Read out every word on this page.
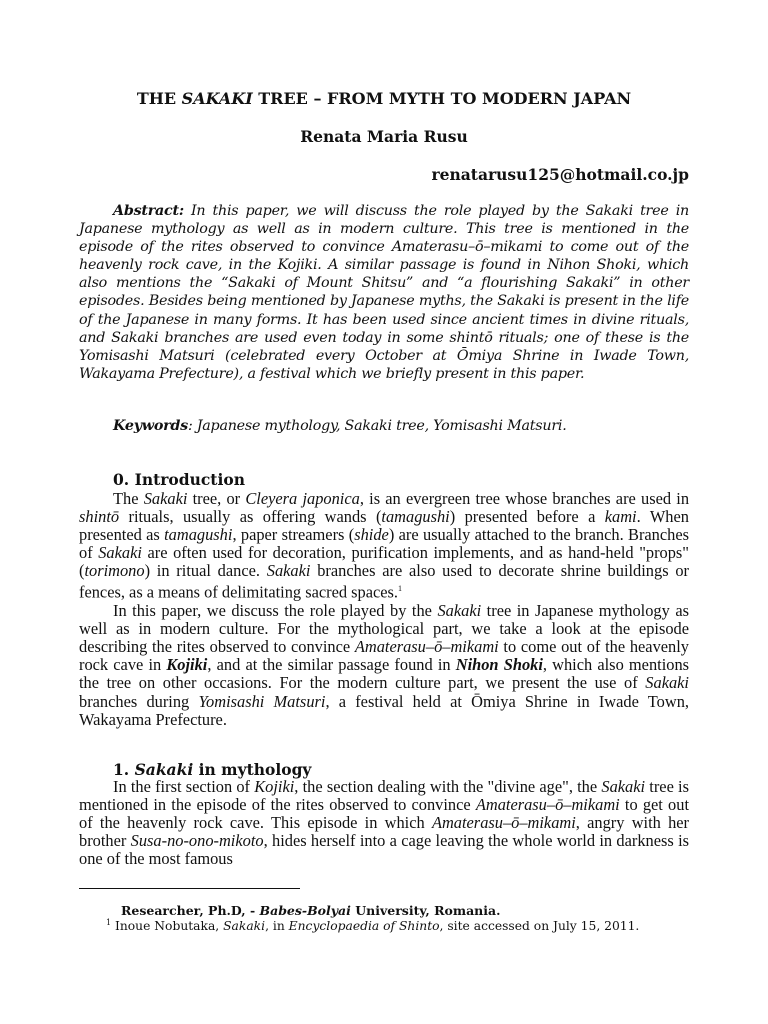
THE SAKAKI TREE – FROM MYTH TO MODERN JAPAN
Renata Maria Rusu
renatarusu125@hotmail.co.jp

Abstract: In this paper, we will discuss the role played by the Sakaki tree in Japanese mythology as well as in modern culture. This tree is mentioned in the episode of the rites observed to convince Amaterasu–ō–mikami to come out of the heavenly rock cave, in the Kojiki. A similar passage is found in Nihon Shoki, which also mentions the “Sakaki of Mount Shitsu” and “a flourishing Sakaki” in other episodes. Besides being mentioned by Japanese myths, the Sakaki is present in the life of the Japanese in many forms. It has been used since ancient times in divine rituals, and Sakaki branches are used even today in some shintō rituals; one of these is the Yomisashi Matsuri (celebrated every October at Ōmiya Shrine in Iwade Town, Wakayama Prefecture), a festival which we briefly present in this paper.

Keywords: Japanese mythology, Sakaki tree, Yomisashi Matsuri.

0. Introduction

The Sakaki tree, or Cleyera japonica, is an evergreen tree whose branches are used in shintō rituals, usually as offering wands (tamagushi) presented before a kami. When presented as tamagushi, paper streamers (shide) are usually attached to the branch. Branches of Sakaki are often used for decoration, purification implements, and as hand-held "props" (torimono) in ritual dance. Sakaki branches are also used to decorate shrine buildings or fences, as a means of delimitating sacred spaces.$^1$

In this paper, we discuss the role played by the Sakaki tree in Japanese mythology as well as in modern culture. For the mythological part, we take a look at the episode describing the rites observed to convince Amaterasu–ō–mikami to come out of the heavenly rock cave in Kojiki, and at the similar passage found in Nihon Shoki, which also mentions the tree on other occasions. For the modern culture part, we present the use of Sakaki branches during Yomisashi Matsuri, a festival held at Ōmiya Shrine in Iwade Town, Wakayama Prefecture.

1. Sakaki in mythology

In the first section of Kojiki, the section dealing with the "divine age", the Sakaki tree is mentioned in the episode of the rites observed to convince Amaterasu–ō–mikami to get out of the heavenly rock cave. This episode in which Amaterasu–ō–mikami, angry with her brother Susa-no-ono-mikoto, hides herself into a cage leaving the whole world in darkness is one of the most famous

Researcher, Ph.D, - Babes-Bolyai University, Romania.
$^1$ Inoue Nobutaka, Sakaki, in Encyclopaedia of Shinto, site accessed on July 15, 2011.
